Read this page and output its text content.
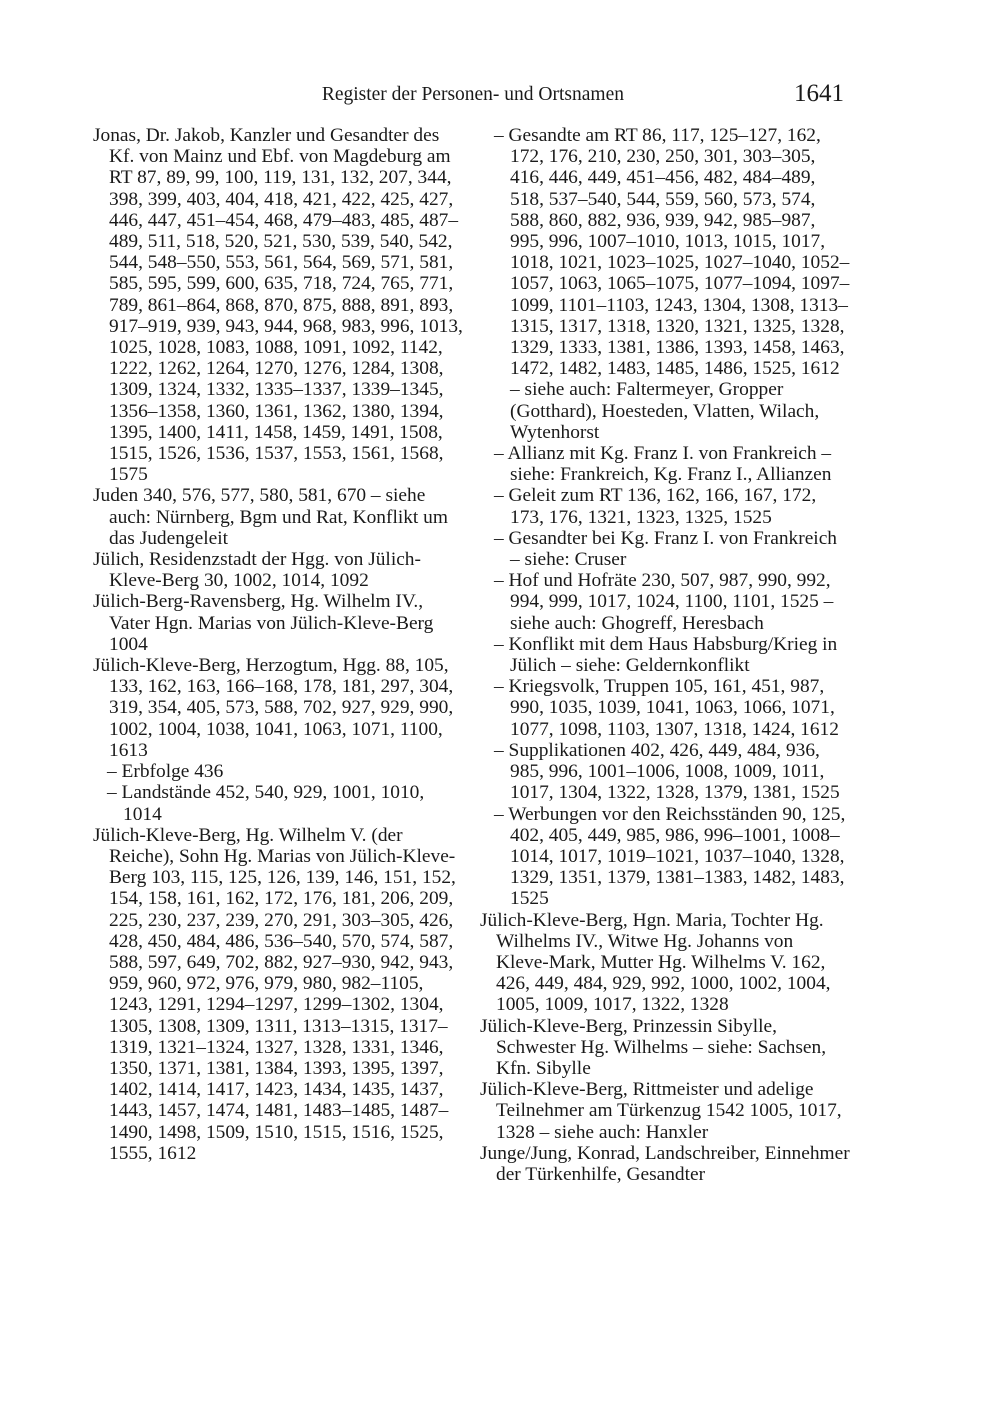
Register der Personen- und Ortsnamen	1641

Jonas, Dr. Jakob, Kanzler und Gesandter des Kf. von Mainz und Ebf. von Magdeburg am RT 87, 89, 99, 100, 119, 131, 132, 207, 344, 398, 399, 403, 404, 418, 421, 422, 425, 427, 446, 447, 451–454, 468, 479–483, 485, 487–489, 511, 518, 520, 521, 530, 539, 540, 542, 544, 548–550, 553, 561, 564, 569, 571, 581, 585, 595, 599, 600, 635, 718, 724, 765, 771, 789, 861–864, 868, 870, 875, 888, 891, 893, 917–919, 939, 943, 944, 968, 983, 996, 1013, 1025, 1028, 1083, 1088, 1091, 1092, 1142, 1222, 1262, 1264, 1270, 1276, 1284, 1308, 1309, 1324, 1332, 1335–1337, 1339–1345, 1356–1358, 1360, 1361, 1362, 1380, 1394, 1395, 1400, 1411, 1458, 1459, 1491, 1508, 1515, 1526, 1536, 1537, 1553, 1561, 1568, 1575

Juden 340, 576, 577, 580, 581, 670 – siehe auch: Nürnberg, Bgm und Rat, Konflikt um das Judengeleit

Jülich, Residenzstadt der Hgg. von Jülich-Kleve-Berg 30, 1002, 1014, 1092

Jülich-Berg-Ravensberg, Hg. Wilhelm IV., Vater Hgn. Marias von Jülich-Kleve-Berg 1004

Jülich-Kleve-Berg, Herzogtum, Hgg. 88, 105, 133, 162, 163, 166–168, 178, 181, 297, 304, 319, 354, 405, 573, 588, 702, 927, 929, 990, 1002, 1004, 1038, 1041, 1063, 1071, 1100, 1613

– Erbfolge 436

– Landstände 452, 540, 929, 1001, 1010, 1014

Jülich-Kleve-Berg, Hg. Wilhelm V. (der Reiche), Sohn Hg. Marias von Jülich-Kleve-Berg 103, 115, 125, 126, 139, 146, 151, 152, 154, 158, 161, 162, 172, 176, 181, 206, 209, 225, 230, 237, 239, 270, 291, 303–305, 426, 428, 450, 484, 486, 536–540, 570, 574, 587, 588, 597, 649, 702, 882, 927–930, 942, 943, 959, 960, 972, 976, 979, 980, 982–1105, 1243, 1291, 1294–1297, 1299–1302, 1304, 1305, 1308, 1309, 1311, 1313–1315, 1317–1319, 1321–1324, 1327, 1328, 1331, 1346, 1350, 1371, 1381, 1384, 1393, 1395, 1397, 1402, 1414, 1417, 1423, 1434, 1435, 1437, 1443, 1457, 1474, 1481, 1483–1485, 1487–1490, 1498, 1509, 1510, 1515, 1516, 1525, 1555, 1612

– Gesandte am RT 86, 117, 125–127, 162, 172, 176, 210, 230, 250, 301, 303–305, 416, 446, 449, 451–456, 482, 484–489, 518, 537–540, 544, 559, 560, 573, 574, 588, 860, 882, 936, 939, 942, 985–987, 995, 996, 1007–1010, 1013, 1015, 1017, 1018, 1021, 1023–1025, 1027–1040, 1052–1057, 1063, 1065–1075, 1077–1094, 1097–1099, 1101–1103, 1243, 1304, 1308, 1313–1315, 1317, 1318, 1320, 1321, 1325, 1328, 1329, 1333, 1381, 1386, 1393, 1458, 1463, 1472, 1482, 1483, 1485, 1486, 1525, 1612 – siehe auch: Faltermeyer, Gropper (Gotthard), Hoesteden, Vlatten, Wilach, Wytenhorst

– Allianz mit Kg. Franz I. von Frankreich – siehe: Frankreich, Kg. Franz I., Allianzen

– Geleit zum RT 136, 162, 166, 167, 172, 173, 176, 1321, 1323, 1325, 1525

– Gesandter bei Kg. Franz I. von Frankreich – siehe: Cruser

– Hof und Hofräte 230, 507, 987, 990, 992, 994, 999, 1017, 1024, 1100, 1101, 1525 – siehe auch: Ghogreff, Heresbach

– Konflikt mit dem Haus Habsburg/Krieg in Jülich – siehe: Geldernkonflikt

– Kriegsvolk, Truppen 105, 161, 451, 987, 990, 1035, 1039, 1041, 1063, 1066, 1071, 1077, 1098, 1103, 1307, 1318, 1424, 1612

– Supplikationen 402, 426, 449, 484, 936, 985, 996, 1001–1006, 1008, 1009, 1011, 1017, 1304, 1322, 1328, 1379, 1381, 1525

– Werbungen vor den Reichsständen 90, 125, 402, 405, 449, 985, 986, 996–1001, 1008–1014, 1017, 1019–1021, 1037–1040, 1328, 1329, 1351, 1379, 1381–1383, 1482, 1483, 1525

Jülich-Kleve-Berg, Hgn. Maria, Tochter Hg. Wilhelms IV., Witwe Hg. Johanns von Kleve-Mark, Mutter Hg. Wilhelms V. 162, 426, 449, 484, 929, 992, 1000, 1002, 1004, 1005, 1009, 1017, 1322, 1328

Jülich-Kleve-Berg, Prinzessin Sibylle, Schwester Hg. Wilhelms – siehe: Sachsen, Kfn. Sibylle

Jülich-Kleve-Berg, Rittmeister und adelige Teilnehmer am Türkenzug 1542 1005, 1017, 1328 – siehe auch: Hanxler

Junge/Jung, Konrad, Landschreiber, Einnehmer der Türkenhilfe, Gesandter
